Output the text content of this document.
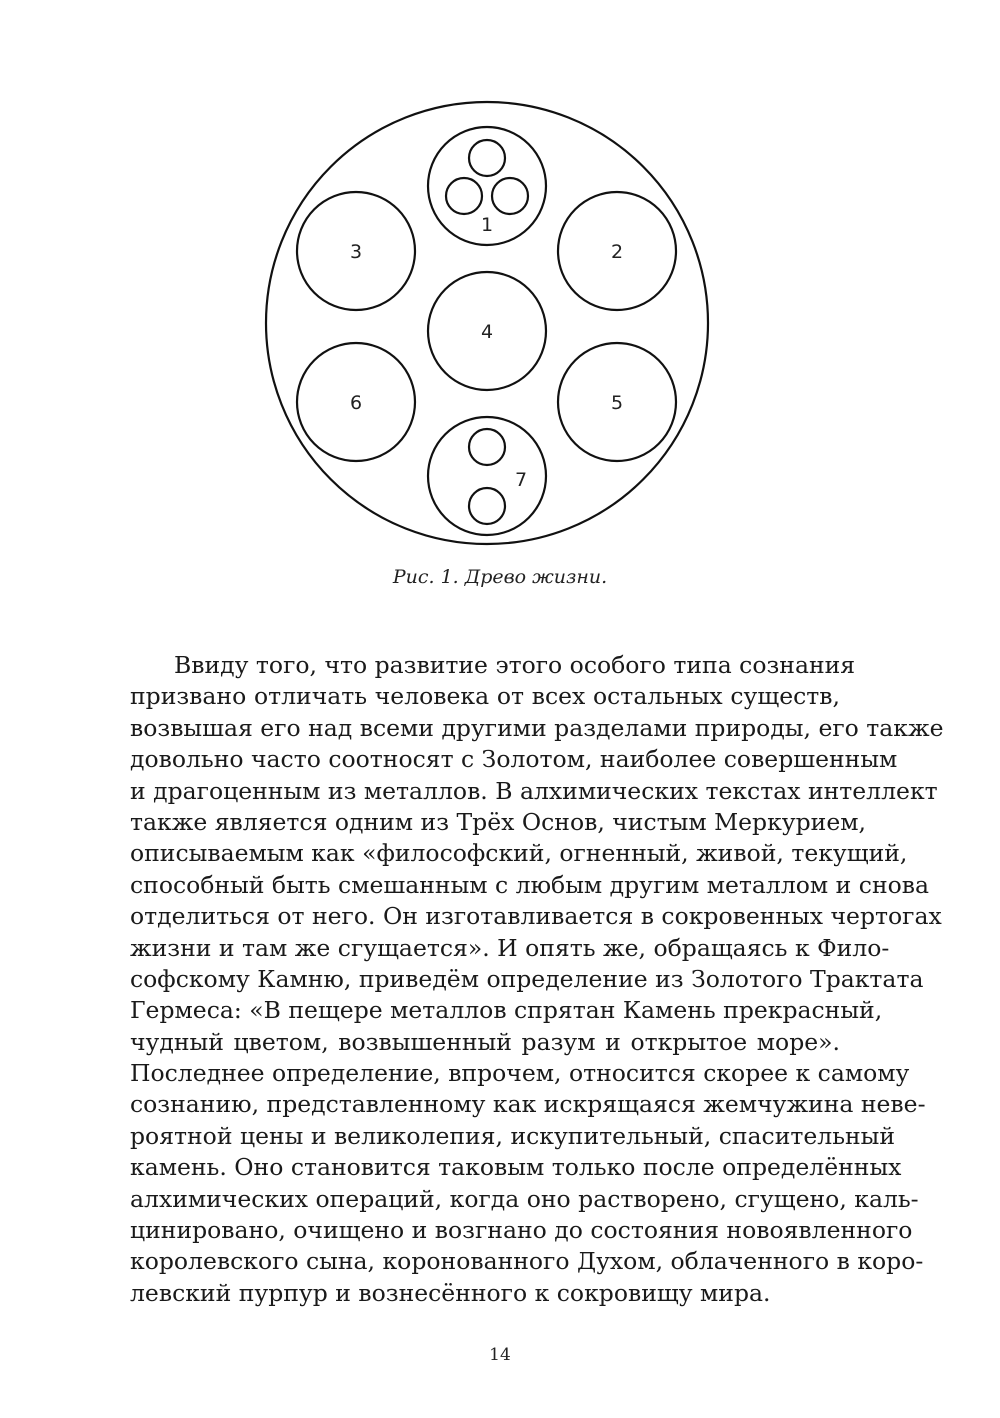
1
2
3
4
5
6
7
Рис. 1. Древо жизни.
Ввиду того, что развитие этого особого типа сознания
призвано отличать человека от всех остальных существ,
возвышая его над всеми другими разделами природы, его также
довольно часто соотносят с Золотом, наиболее совершенным
и драгоценным из металлов. В алхимических текстах интеллект
также является одним из Трёх Основ, чистым Меркурием,
описываемым как «философский, огненный, живой, текущий,
способный быть смешанным с любым другим металлом и снова
отделиться от него. Он изготавливается в сокровенных чертогах
жизни и там же сгущается». И опять же, обращаясь к Фило-
софскому Камню, приведём определение из Золотого Трактата
Гермеса: «В пещере металлов спрятан Камень прекрасный,
чудный цветом, возвышенный разум и открытое море».
Последнее определение, впрочем, относится скорее к самому
сознанию, представленному как искрящаяся жемчужина неве-
роятной цены и великолепия, искупительный, спасительный
камень. Оно становится таковым только после определённых
алхимических операций, когда оно растворено, сгущено, каль-
цинировано, очищено и возгнано до состояния новоявленного
королевского сына, коронованного Духом, облаченного в коро-
левский пурпур и вознесённого к сокровищу мира.
14
